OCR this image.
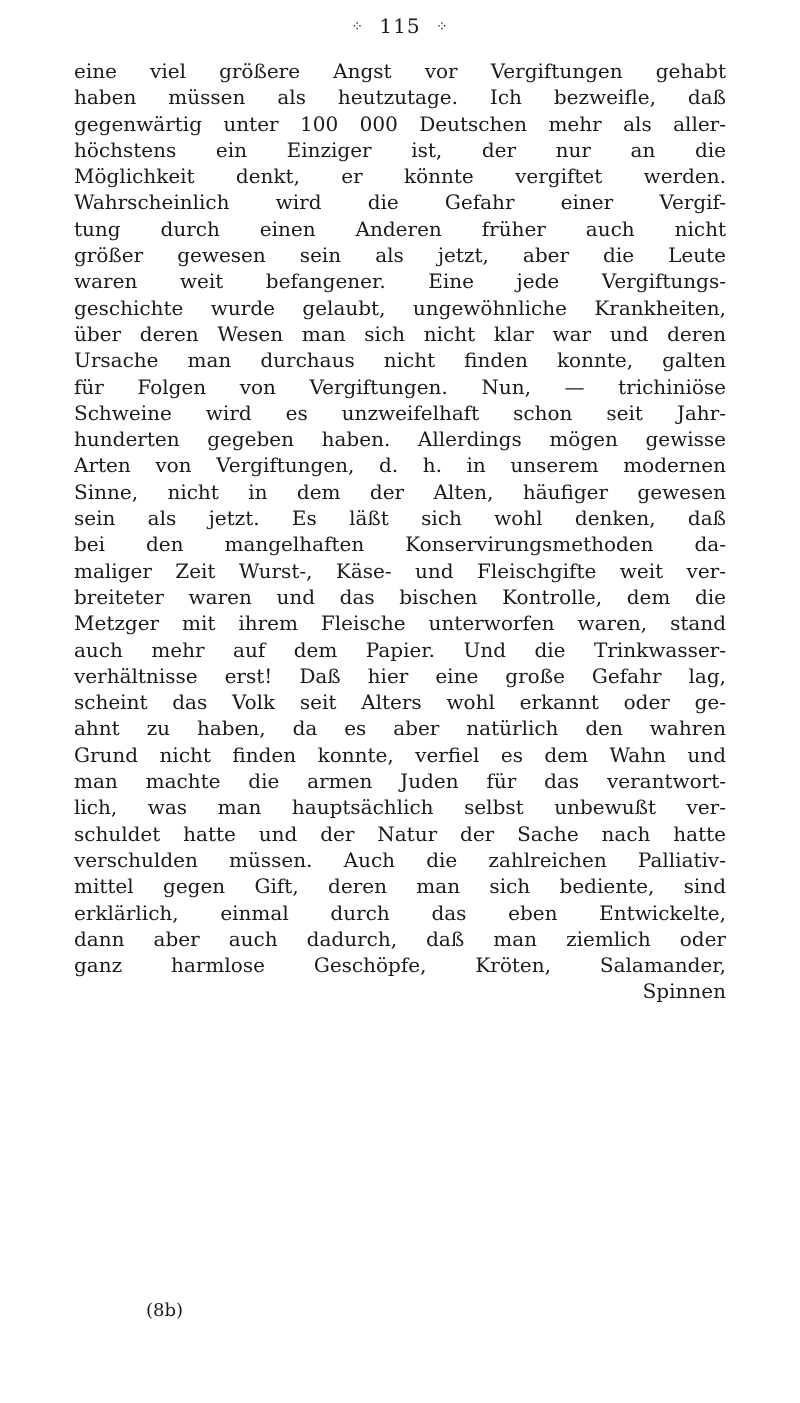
⁘ 115 ⁘
eine viel größere Angst vor Vergiftungen gehabt
haben müssen als heutzutage. Ich bezweifle, daß
gegenwärtig unter 100 000 Deutschen mehr als aller-
höchstens ein Einziger ist, der nur an die
Möglichkeit denkt, er könnte vergiftet werden.
Wahrscheinlich wird die Gefahr einer Vergif-
tung durch einen Anderen früher auch nicht
größer gewesen sein als jetzt, aber die Leute
waren weit befangener. Eine jede Vergiftungs-
geschichte wurde gelaubt, ungewöhnliche Krankheiten,
über deren Wesen man sich nicht klar war und deren
Ursache man durchaus nicht finden konnte, galten
für Folgen von Vergiftungen. Nun, — trichiniöse
Schweine wird es unzweifelhaft schon seit Jahr-
hunderten gegeben haben. Allerdings mögen gewisse
Arten von Vergiftungen, d. h. in unserem modernen
Sinne, nicht in dem der Alten, häufiger gewesen
sein als jetzt. Es läßt sich wohl denken, daß
bei den mangelhaften Konservirungsmethoden da-
maliger Zeit Wurst-, Käse- und Fleischgifte weit ver-
breiteter waren und das bischen Kontrolle, dem die
Metzger mit ihrem Fleische unterworfen waren, stand
auch mehr auf dem Papier. Und die Trinkwasser-
verhältnisse erst! Daß hier eine große Gefahr lag,
scheint das Volk seit Alters wohl erkannt oder ge-
ahnt zu haben, da es aber natürlich den wahren
Grund nicht finden konnte, verfiel es dem Wahn und
man machte die armen Juden für das verantwort-
lich, was man hauptsächlich selbst unbewußt ver-
schuldet hatte und der Natur der Sache nach hatte
verschulden müssen. Auch die zahlreichen Palliativ-
mittel gegen Gift, deren man sich bediente, sind
erklärlich, einmal durch das eben Entwickelte,
dann aber auch dadurch, daß man ziemlich oder
ganz harmlose Geschöpfe, Kröten, Salamander,
Spinnen
(8b)
